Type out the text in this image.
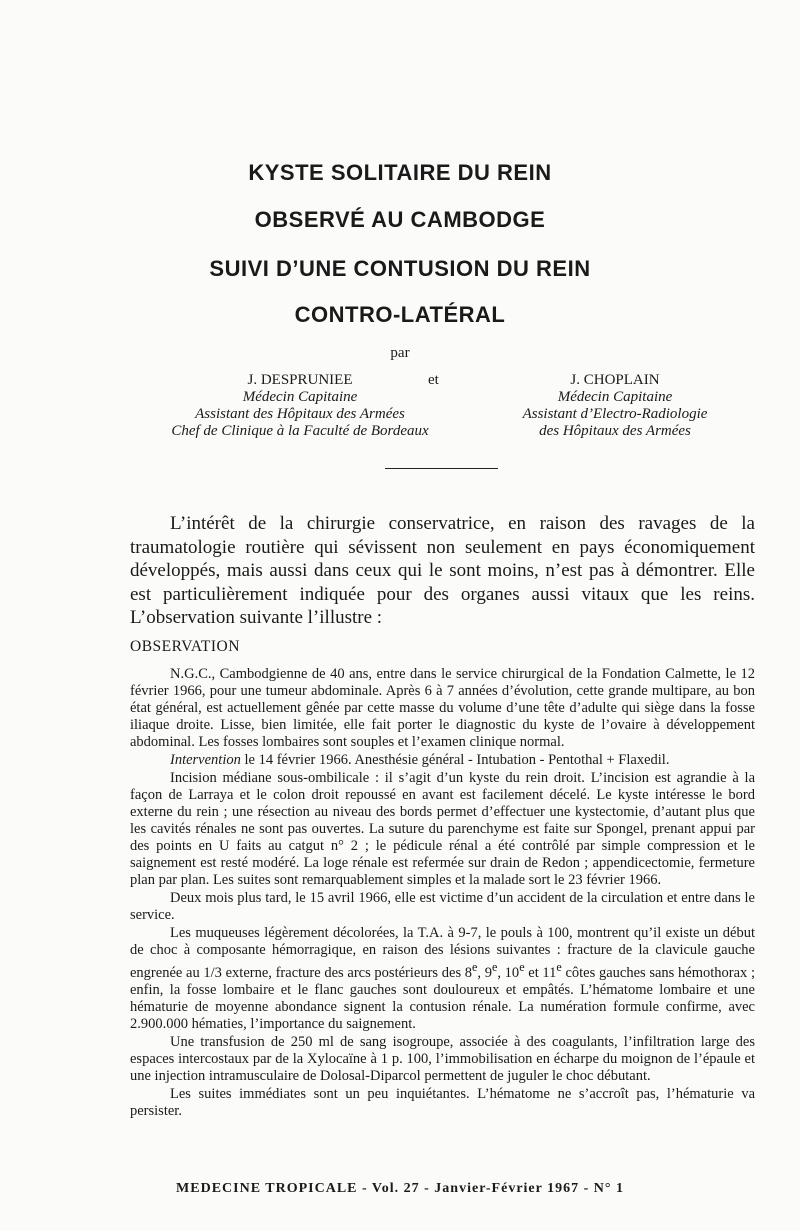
KYSTE SOLITAIRE DU REIN
OBSERVÉ AU CAMBODGE
SUIVI D’UNE CONTUSION DU REIN
CONTRO-LATÉRAL
par
J. DESPRUNIEE
Médecin Capitaine
Assistant des Hôpitaux des Armées
Chef de Clinique à la Faculté de Bordeaux
et	J. CHOPLAIN
Médecin Capitaine
Assistant d’Electro-Radiologie
des Hôpitaux des Armées

L’intérêt de la chirurgie conservatrice, en raison des ravages de la traumatologie routière qui sévissent non seulement en pays économiquement développés, mais aussi dans ceux qui le sont moins, n’est pas à démontrer. Elle est particulièrement indiquée pour des organes aussi vitaux que les reins. L’observation suivante l’illustre :

OBSERVATION

N.G.C., Cambodgienne de 40 ans, entre dans le service chirurgical de la Fondation Calmette, le 12 février 1966, pour une tumeur abdominale. Après 6 à 7 années d’évolution, cette grande multipare, au bon état général, est actuellement gênée par cette masse du volume d’une tête d’adulte qui siège dans la fosse iliaque droite. Lisse, bien limitée, elle fait porter le diagnostic du kyste de l’ovaire à développement abdominal. Les fosses lombaires sont souples et l’examen clinique normal.

Intervention le 14 février 1966. Anesthésie général - Intubation - Pentothal + Flaxedil.

Incision médiane sous-ombilicale : il s’agit d’un kyste du rein droit. L’incision est agrandie à la façon de Larraya et le colon droit repoussé en avant est facilement décelé. Le kyste intéresse le bord externe du rein ; une résection au niveau des bords permet d’effectuer une kystectomie, d’autant plus que les cavités rénales ne sont pas ouvertes. La suture du parenchyme est faite sur Spongel, prenant appui par des points en U faits au catgut n° 2 ; le pédicule rénal a été contrôlé par simple compression et le saignement est resté modéré. La loge rénale est refermée sur drain de Redon ; appendicectomie, fermeture plan par plan. Les suites sont remarquablement simples et la malade sort le 23 février 1966.

Deux mois plus tard, le 15 avril 1966, elle est victime d’un accident de la circulation et entre dans le service.

Les muqueuses légèrement décolorées, la T.A. à 9-7, le pouls à 100, montrent qu’il existe un début de choc à composante hémorragique, en raison des lésions suivantes : fracture de la clavicule gauche engrenée au 1/3 externe, fracture des arcs postérieurs des 8e, 9e, 10e et 11e côtes gauches sans hémothorax ; enfin, la fosse lombaire et le flanc gauches sont douloureux et empâtés. L’hématome lombaire et une hématurie de moyenne abondance signent la contusion rénale. La numération formule confirme, avec 2.900.000 hématies, l’importance du saignement.

Une transfusion de 250 ml de sang isogroupe, associée à des coagulants, l’infiltration large des espaces intercostaux par de la Xylocaïne à 1 p. 100, l’immobilisation en écharpe du moignon de l’épaule et une injection intramusculaire de Dolosal-Diparcol permettent de juguler le choc débutant.

Les suites immédiates sont un peu inquiétantes. L’hématome ne s’accroît pas, l’hématurie va persister.

MEDECINE TROPICALE - Vol. 27 - Janvier-Février 1967 - N° 1
